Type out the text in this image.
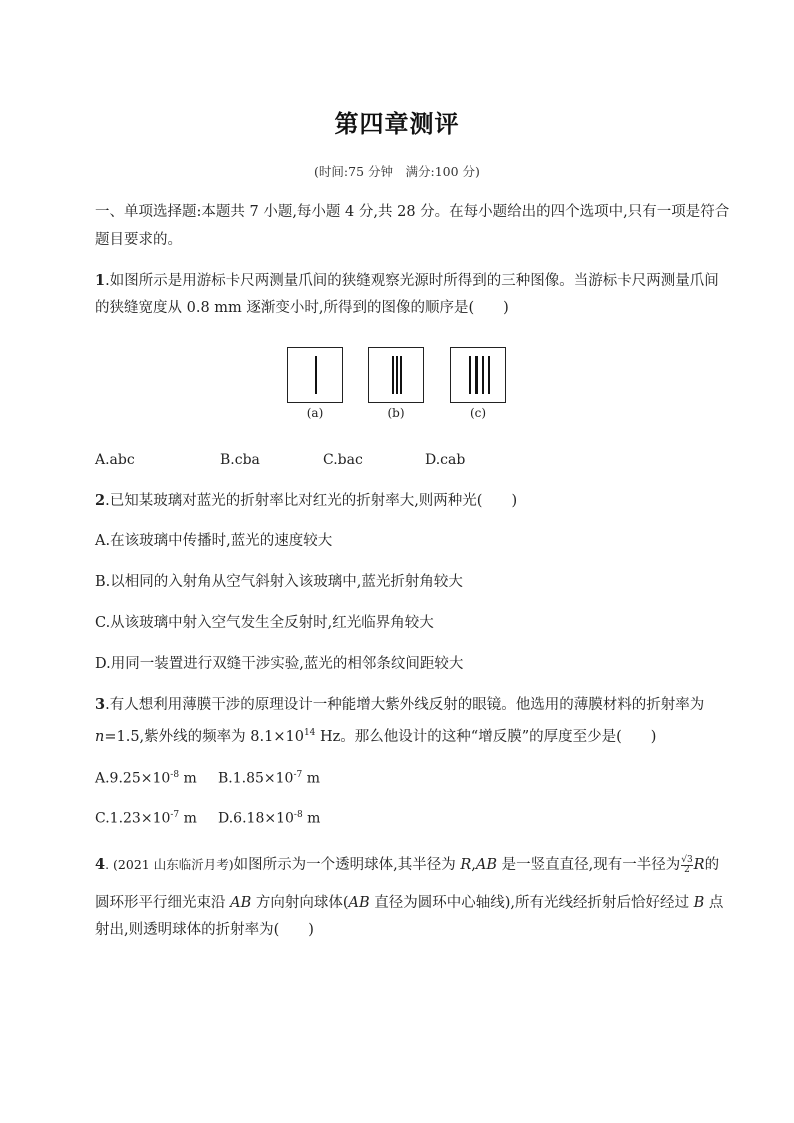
第四章测评
(时间:75 分钟　满分:100 分)
一、单项选择题:本题共 7 小题,每小题 4 分,共 28 分。在每小题给出的四个选项中,只有一项是符合
题目要求的。
1.如图所示是用游标卡尺两测量爪间的狭缝观察光源时所得到的三种图像。当游标卡尺两测量爪间
的狭缝宽度从 0.8 mm 逐渐变小时,所得到的图像的顺序是(　　)
(a)	(b)	(c)
A.abc	B.cba	C.bac	D.cab
2.已知某玻璃对蓝光的折射率比对红光的折射率大,则两种光(　　)
A.在该玻璃中传播时,蓝光的速度较大
B.以相同的入射角从空气斜射入该玻璃中,蓝光折射角较大
C.从该玻璃中射入空气发生全反射时,红光临界角较大
D.用同一装置进行双缝干涉实验,蓝光的相邻条纹间距较大
3.有人想利用薄膜干涉的原理设计一种能增大紫外线反射的眼镜。他选用的薄膜材料的折射率为
n=1.5,紫外线的频率为 $8.1\times 10^{14}$ Hz。那么他设计的这种“增反膜”的厚度至少是(　　)
$A.9.25\times 10^{-8}$ m $B.1.85\times 10^{-7}$ m
$C.1.23\times 10^{-7}$ m $D.6.18\times 10^{-8}$ m
4. (2021 山东临沂月考)如图所示为一个透明球体,其半径为 R,AB 是一竖直直径,现有一半径为 $\frac{√3}{2}$ R的
圆环形平行细光束沿 AB 方向射向球体(AB 直径为圆环中心轴线),所有光线经折射后恰好经过 B 点
射出,则透明球体的折射率为(　　)
